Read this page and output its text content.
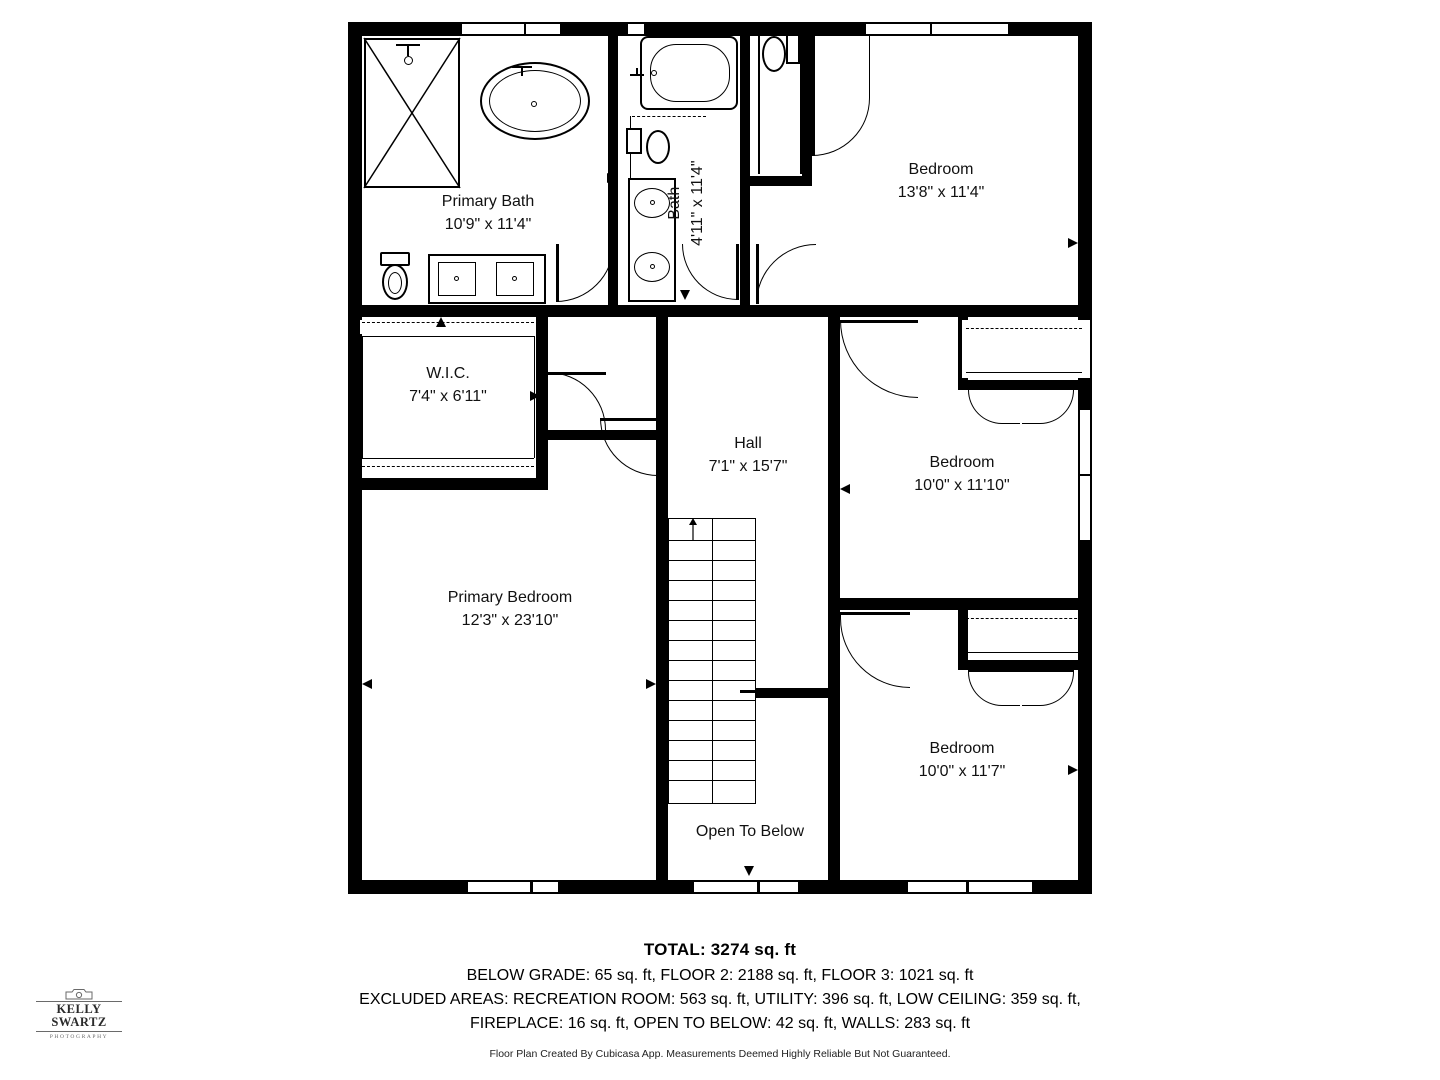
Primary Bath
10'9" x 11'4"
Bath 4'11" x 11'4"	Bedroom
13'8" x 11'4"
W.I.C.
7'4" x 6'11"
Hall
7'1" x 15'7"	Bedroom
10'0" x 11'10"
Primary Bedroom
12'3" x 23'10"
Bedroom
10'0" x 11'7"
Open To Below
TOTAL: 3274 sq. ft
BELOW GRADE: 65 sq. ft, FLOOR 2: 2188 sq. ft, FLOOR 3: 1021 sq. ft
EXCLUDED AREAS: RECREATION ROOM: 563 sq. ft, UTILITY: 396 sq. ft, LOW CEILING: 359 sq. ft,
FIREPLACE: 16 sq. ft, OPEN TO BELOW: 42 sq. ft, WALLS: 283 sq. ft
Floor Plan Created By Cubicasa App. Measurements Deemed Highly Reliable But Not Guaranteed.
KELLY SWARTZ
PHOTOGRAPHY
